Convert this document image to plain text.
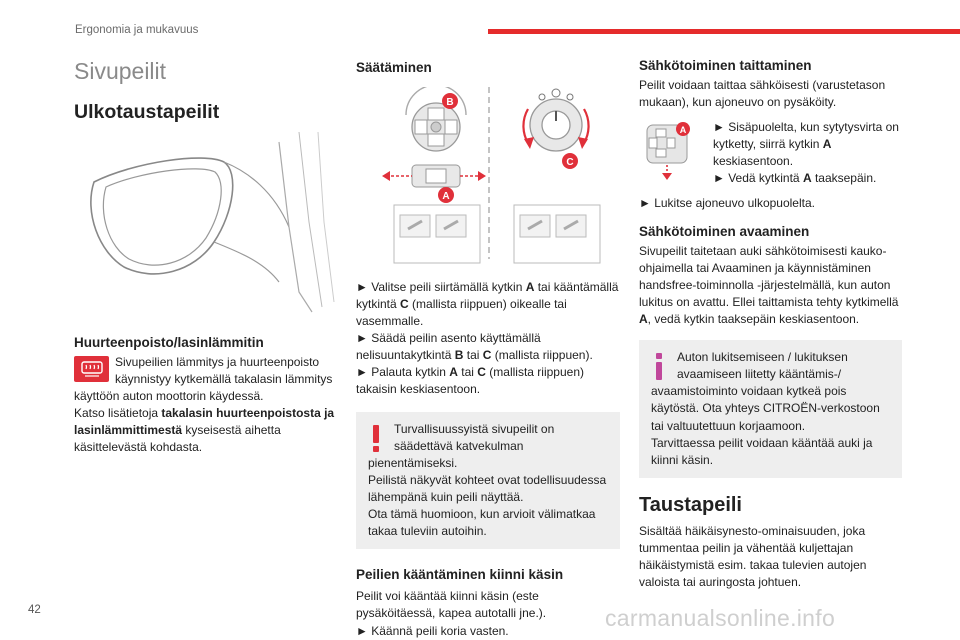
Ergonomia ja mukavuus
Sivupeilit
Ulkotaustapeilit
Huurteenpoisto/lasinlämmitin
Sivupeilien lämmitys ja huurteenpoisto käynnistyy kytkemällä takalasin lämmitys käyttöön auton moottorin käydessä.
Katso lisätietoja takalasin huurteenpoistosta ja lasinlämmittimestä kyseisestä aihetta käsittelevästä kohdasta.
Säätäminen
B
A
C
► Valitse peili siirtämällä kytkin A tai kääntämällä kytkintä C (mallista riippuen) oikealle tai vasemmalle.
► Säädä peilin asento käyttämällä nelisuuntakytkintä B tai C (mallista riippuen).
► Palauta kytkin A tai C (mallista riippuen) takaisin keskiasentoon.
Turvallisuussyistä sivupeilit on säädettävä katvekulman pienentämiseksi.
Peilistä näkyvät kohteet ovat todellisuudessa lähempänä kuin peili näyttää.
Ota tämä huomioon, kun arvioit välimatkaa takaa tuleviin autoihin.
Peilien kääntäminen kiinni käsin
Peilit voi kääntää kiinni käsin (este pysäköitäessä, kapea autotalli jne.).
► Käännä peili koria vasten.
Sähkötoiminen taittaminen
Peilit voidaan taittaa sähköisesti (varustetason mukaan), kun ajoneuvo on pysäköity.
A ► Sisäpuolelta, kun sytytysvirta on kytketty, siirrä kytkin A keskiasentoon.
► Vedä kytkintä A taaksepäin.
► Lukitse ajoneuvo ulkopuolelta.
Sähkötoiminen avaaminen
Sivupeilit taitetaan auki sähkötoimisesti kauko-ohjaimella tai Avaaminen ja käynnistäminen handsfree-toiminnolla -järjestelmällä, kun auton lukitus on avattu. Ellei taittamista tehty kytkimellä A, vedä kytkin taaksepäin keskiasentoon.
Auton lukitsemiseen / lukituksen avaamiseen liitetty kääntämis-/ avaamistoiminto voidaan kytkeä pois käytöstä. Ota yhteys CITROËN-verkostoon tai valtuutettuun korjaamoon.
Tarvittaessa peilit voidaan kääntää auki ja kiinni käsin.
Taustapeili
Sisältää häikäisynesto-ominaisuuden, joka tummentaa peilin ja vähentää kuljettajan häikäistymistä esim. takaa tulevien autojen valoista tai auringosta johtuen.
42	carmanualsonline.info
